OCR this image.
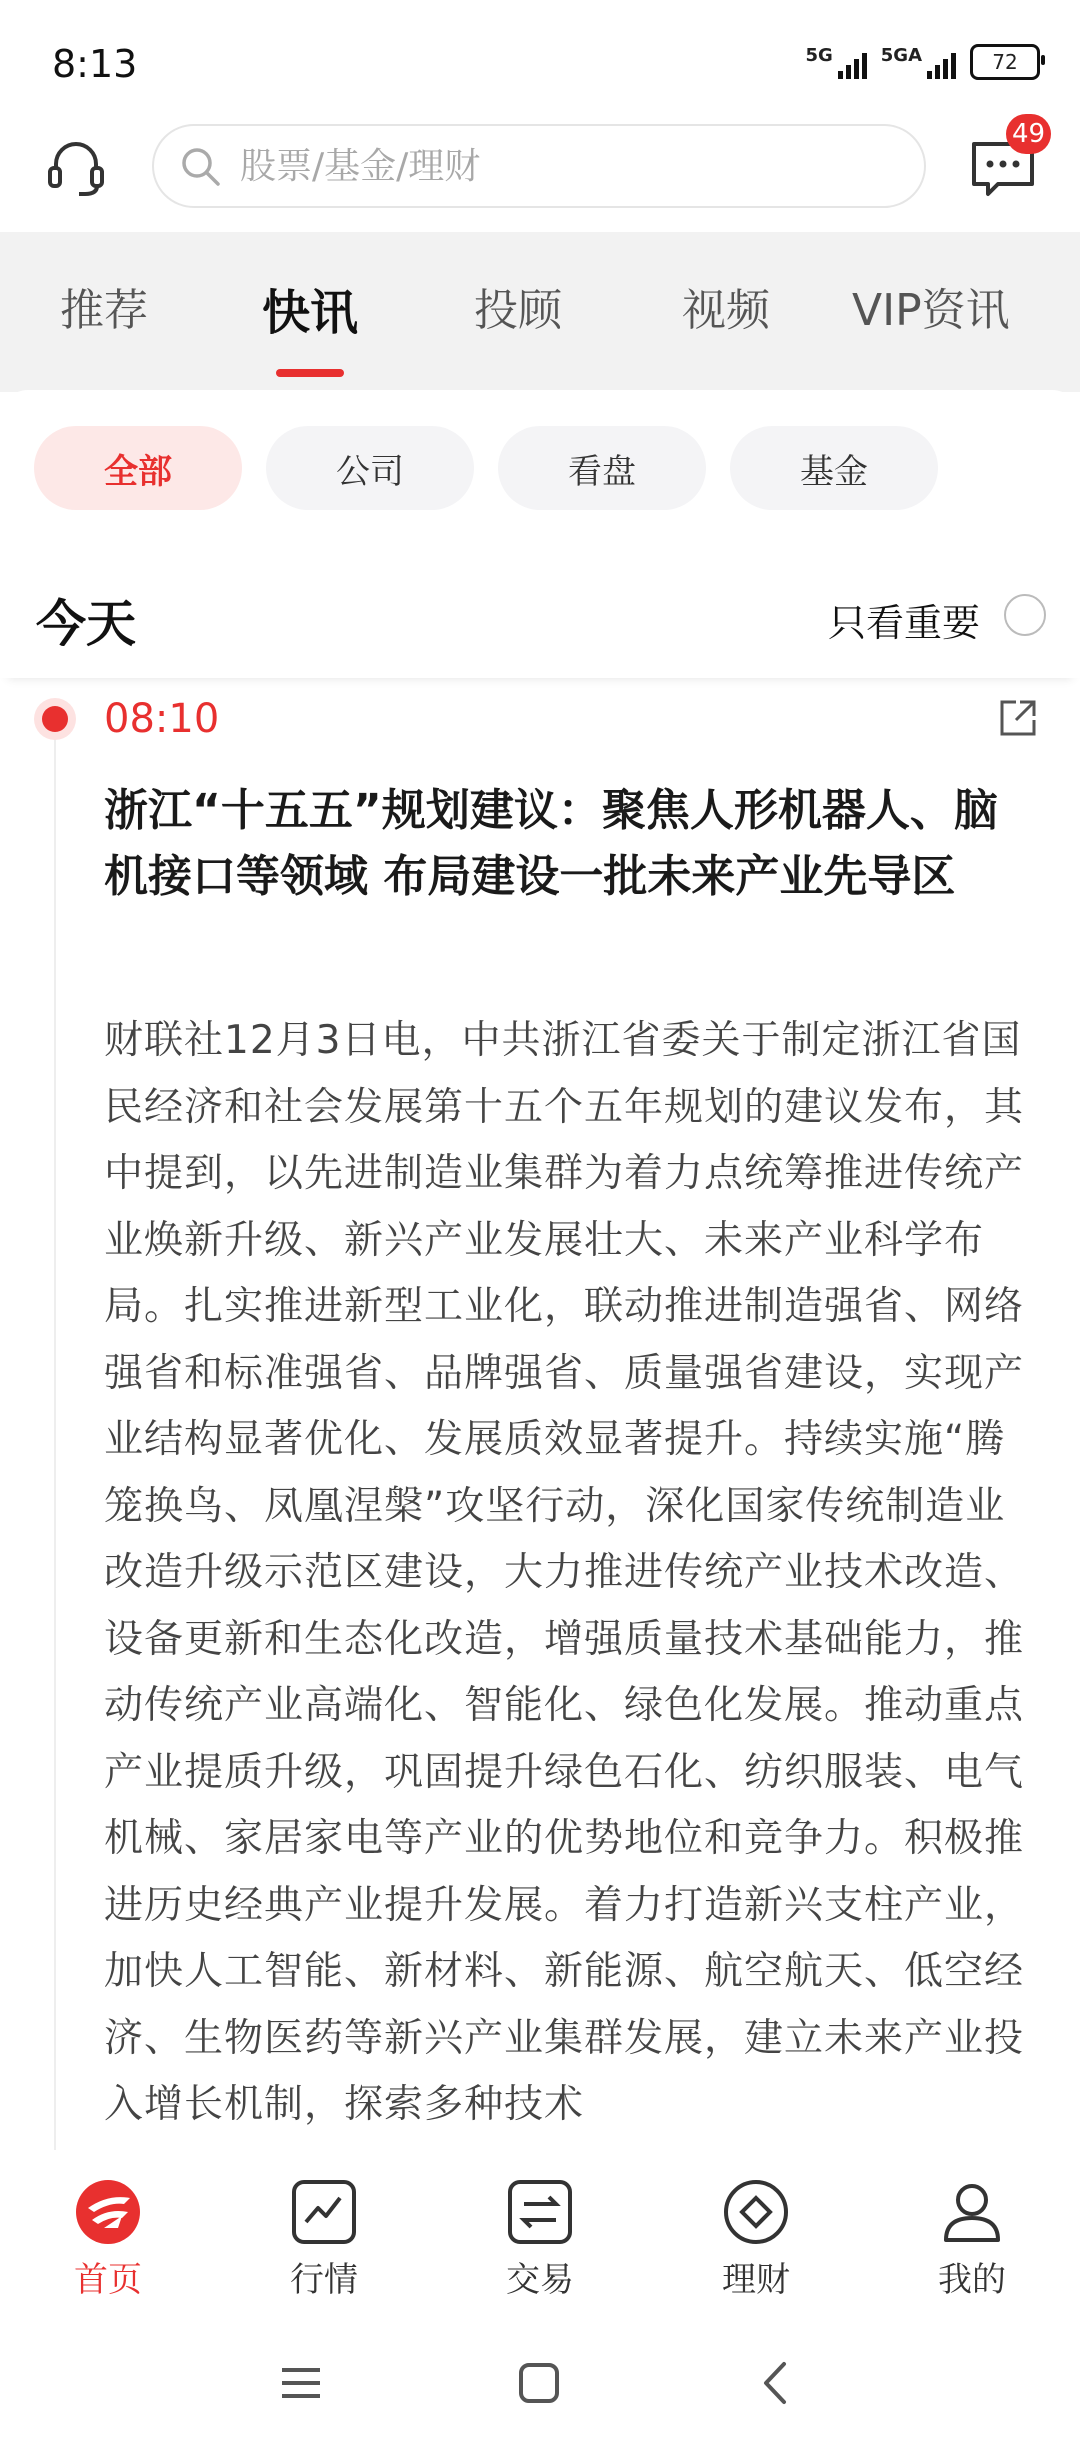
8:13	5G	5GA	72
股票/基金/理财
49
推荐 快讯	投顾	视频 VIP资讯
全部	公司	看盘	基金
今天	只看重要
08:10
浙江“十五五”规划建议：聚焦人形机器人、脑机接口等领域 布局建设一批未来产业先导区
财联社12月3日电，中共浙江省委关于制定浙江省国民经济和社会发展第十五个五年规划的建议发布，其中提到，以先进制造业集群为着力点统筹推进传统产业焕新升级、新兴产业发展壮大、未来产业科学布局。扎实推进新型工业化，联动推进制造强省、网络强省和标准强省、品牌强省、质量强省建设，实现产业结构显著优化、发展质效显著提升。持续实施“腾笼换鸟、凤凰涅槃”攻坚行动，深化国家传统制造业改造升级示范区建设，大力推进传统产业技术改造、设备更新和生态化改造，增强质量技术基础能力，推动传统产业高端化、智能化、绿色化发展。推动重点产业提质升级，巩固提升绿色石化、纺织服装、电气机械、家居家电等产业的优势地位和竞争力。积极推进历史经典产业提升发展。着力打造新兴支柱产业，加快人工智能、新材料、新能源、航空航天、低空经济、生物医药等新兴产业集群发展，建立未来产业投入增长机制，探索多种技术
首页	行情	交易	理财	我的
